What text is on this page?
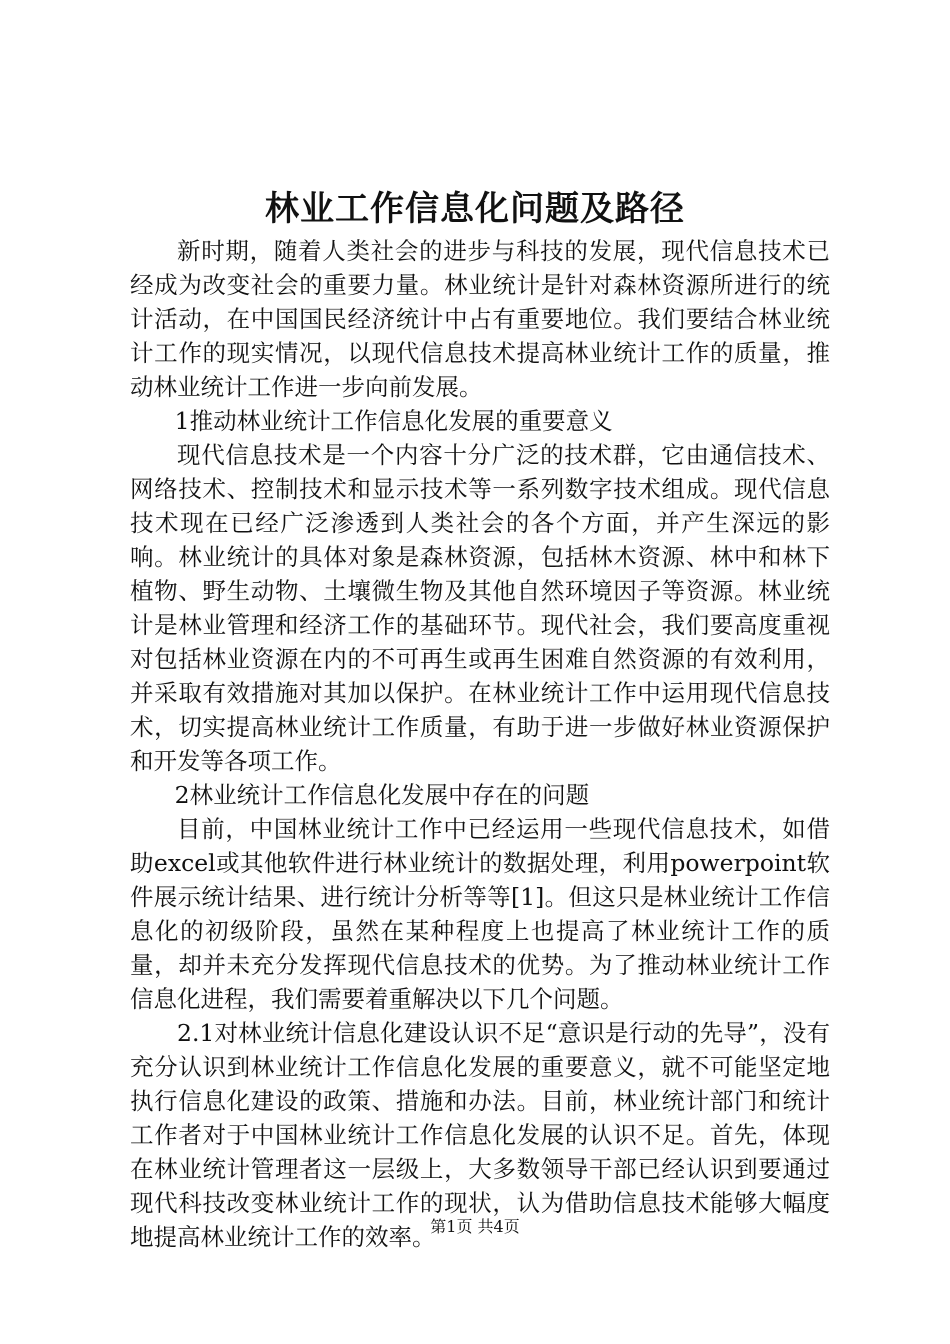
林业工作信息化问题及路径

新时期，随着人类社会的进步与科技的发展，现代信息技术已经成为改变社会的重要力量。林业统计是针对森林资源所进行的统计活动，在中国国民经济统计中占有重要地位。我们要结合林业统计工作的现实情况，以现代信息技术提高林业统计工作的质量，推动林业统计工作进一步向前发展。

1推动林业统计工作信息化发展的重要意义

现代信息技术是一个内容十分广泛的技术群，它由通信技术、网络技术、控制技术和显示技术等一系列数字技术组成。现代信息技术现在已经广泛渗透到人类社会的各个方面，并产生深远的影响。林业统计的具体对象是森林资源，包括林木资源、林中和林下植物、野生动物、土壤微生物及其他自然环境因子等资源。林业统计是林业管理和经济工作的基础环节。现代社会，我们要高度重视对包括林业资源在内的不可再生或再生困难自然资源的有效利用，并采取有效措施对其加以保护。在林业统计工作中运用现代信息技术，切实提高林业统计工作质量，有助于进一步做好林业资源保护和开发等各项工作。

2林业统计工作信息化发展中存在的问题

目前，中国林业统计工作中已经运用一些现代信息技术，如借助excel或其他软件进行林业统计的数据处理，利用powerpoint软件展示统计结果、进行统计分析等等[1]。但这只是林业统计工作信息化的初级阶段，虽然在某种程度上也提高了林业统计工作的质量，却并未充分发挥现代信息技术的优势。为了推动林业统计工作信息化进程，我们需要着重解决以下几个问题。

2.1对林业统计信息化建设认识不足“意识是行动的先导”，没有充分认识到林业统计工作信息化发展的重要意义，就不可能坚定地执行信息化建设的政策、措施和办法。目前，林业统计部门和统计工作者对于中国林业统计工作信息化发展的认识不足。首先，体现在林业统计管理者这一层级上，大多数领导干部已经认识到要通过现代科技改变林业统计工作的现状，认为借助信息技术能够大幅度地提高林业统计工作的效率。

第1页 共4页
